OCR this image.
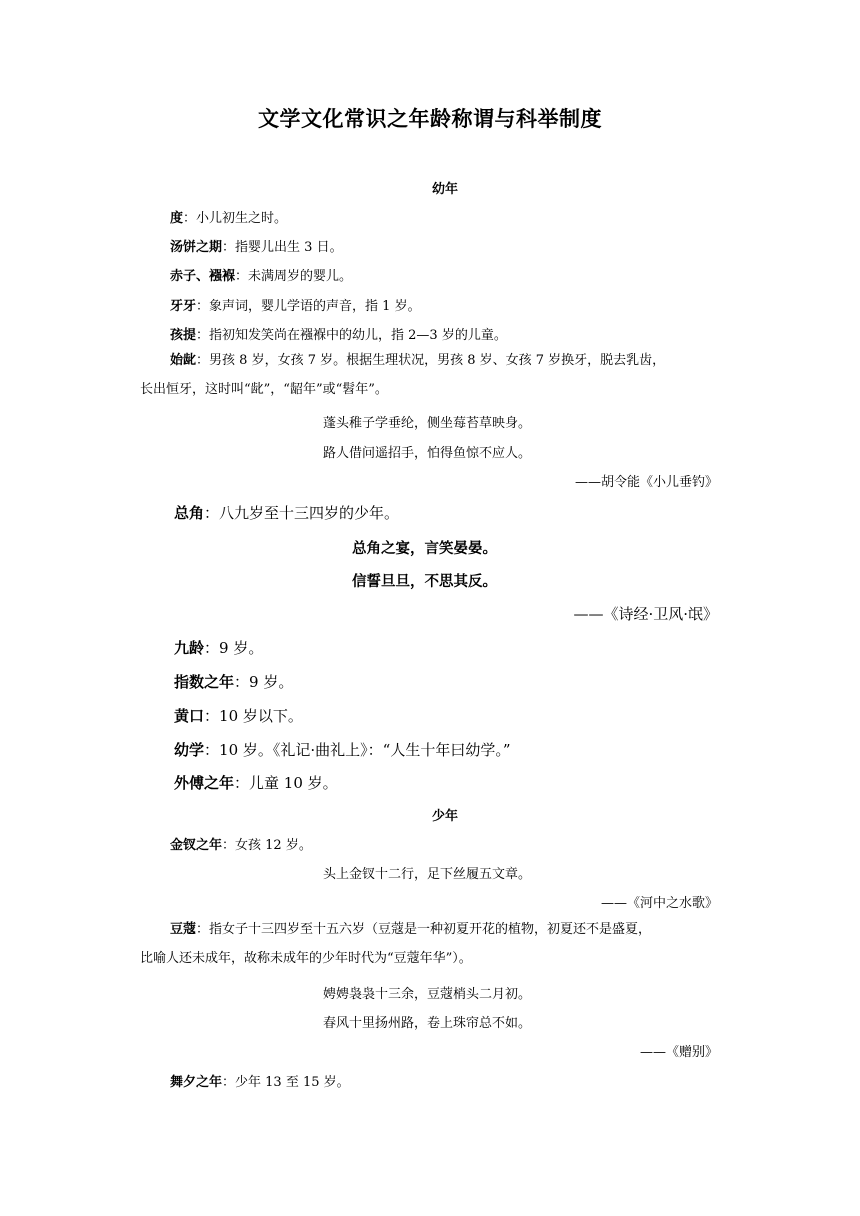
文学文化常识之年龄称谓与科举制度
幼年
度：小儿初生之时。
汤饼之期：指婴儿出生 3 日。
赤子、襁褓：未满周岁的婴儿。
牙牙：象声词，婴儿学语的声音，指 1 岁。
孩提：指初知发笑尚在襁褓中的幼儿，指 2—3 岁的儿童。
始龀：男孩 8 岁，女孩 7 岁。根据生理状况，男孩 8 岁、女孩 7 岁换牙，脱去乳齿，
长出恒牙，这时叫“龀”，“龆年”或“髫年”。
蓬头稚子学垂纶，侧坐莓苔草映身。
路人借问遥招手，怕得鱼惊不应人。
——胡令能《小儿垂钓》
总角：八九岁至十三四岁的少年。
总角之宴，言笑晏晏。
信誓旦旦，不思其反。
——《诗经·卫风·氓》
九龄：9 岁。
指数之年：9 岁。
黄口：10 岁以下。
幼学：10 岁。《礼记·曲礼上》：“人生十年曰幼学。”
外傅之年：儿童 10 岁。
少年
金钗之年：女孩 12 岁。
头上金钗十二行，足下丝履五文章。
——《河中之水歌》
豆蔻：指女子十三四岁至十五六岁（豆蔻是一种初夏开花的植物，初夏还不是盛夏，
比喻人还未成年，故称未成年的少年时代为“豆蔻年华”）。
娉娉袅袅十三余，豆蔻梢头二月初。
春风十里扬州路，卷上珠帘总不如。
——《赠别》
舞夕之年：少年 13 至 15 岁。
